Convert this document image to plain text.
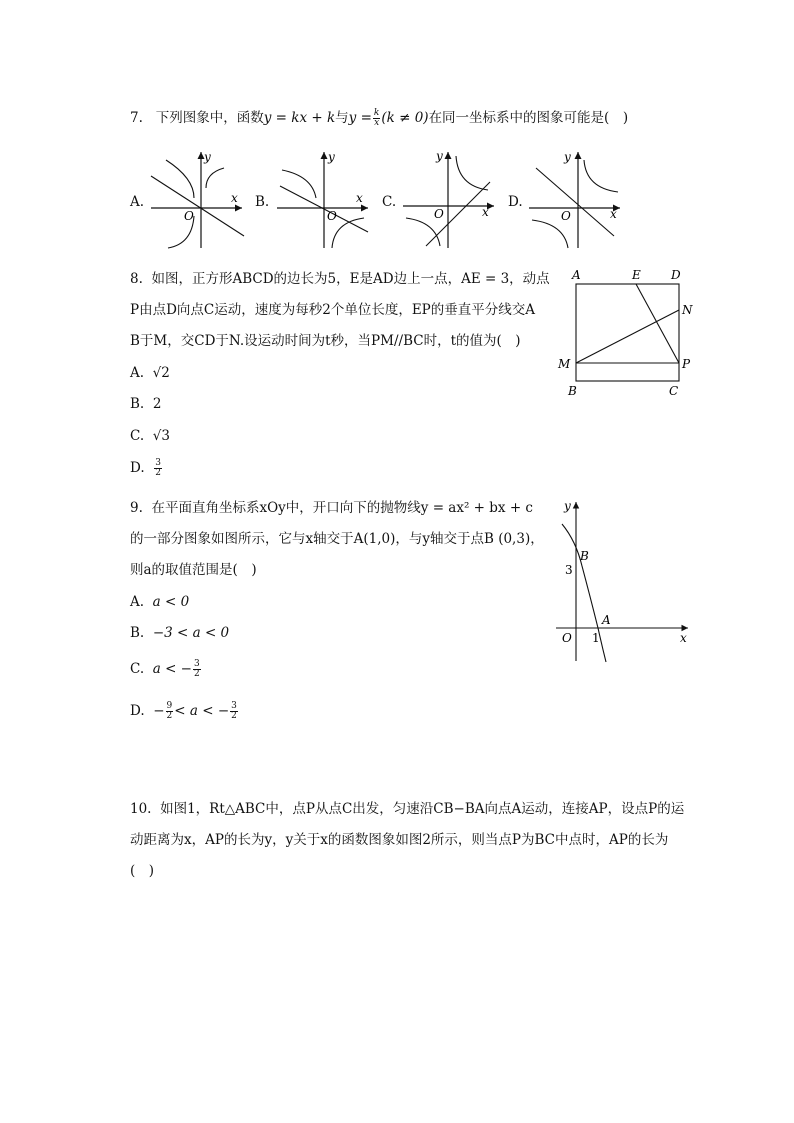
7. 下列图象中，函数y = kx + k与$y = \frac{k}{x} (k \ne 0)$在同一坐标系中的图象可能是(　)
A.	B.	C.	D.
y
x
O
y
x
O
y
x
O
y
x
O
8. 如图，正方形ABCD的边长为5，E是AD边上一点，AE = 3，动点
P由点D向点C运动，速度为每秒2个单位长度，EP的垂直平分线交A
B于M，交CD于N.设运动时间为t秒，当PM//BC时，t的值为(　)
A. √2
B. 2
C. √3
D. $\frac{3}{2}$
A	E	D
N
M	P
B	C
9. 在平面直角坐标系xOy中，开口向下的抛物线y = ax² + bx + c
的一部分图象如图所示，它与x轴交于A(1,0)，与y轴交于点B (0,3)，
则a的取值范围是(　)
A. a < 0
B. −3 < a < 0
C. a < − $\frac{3}{2}$
D. − $\frac{9}{2} < a$ < − $\frac{3}{2}$
y
x
O
B
A
3
1
10. 如图1，Rt△ABC中，点P从点C出发，匀速沿CB−BA向点A运动，连接AP，设点P的运
动距离为x，AP的长为y，y关于x的函数图象如图2所示，则当点P为BC中点时，AP的长为
(　)
